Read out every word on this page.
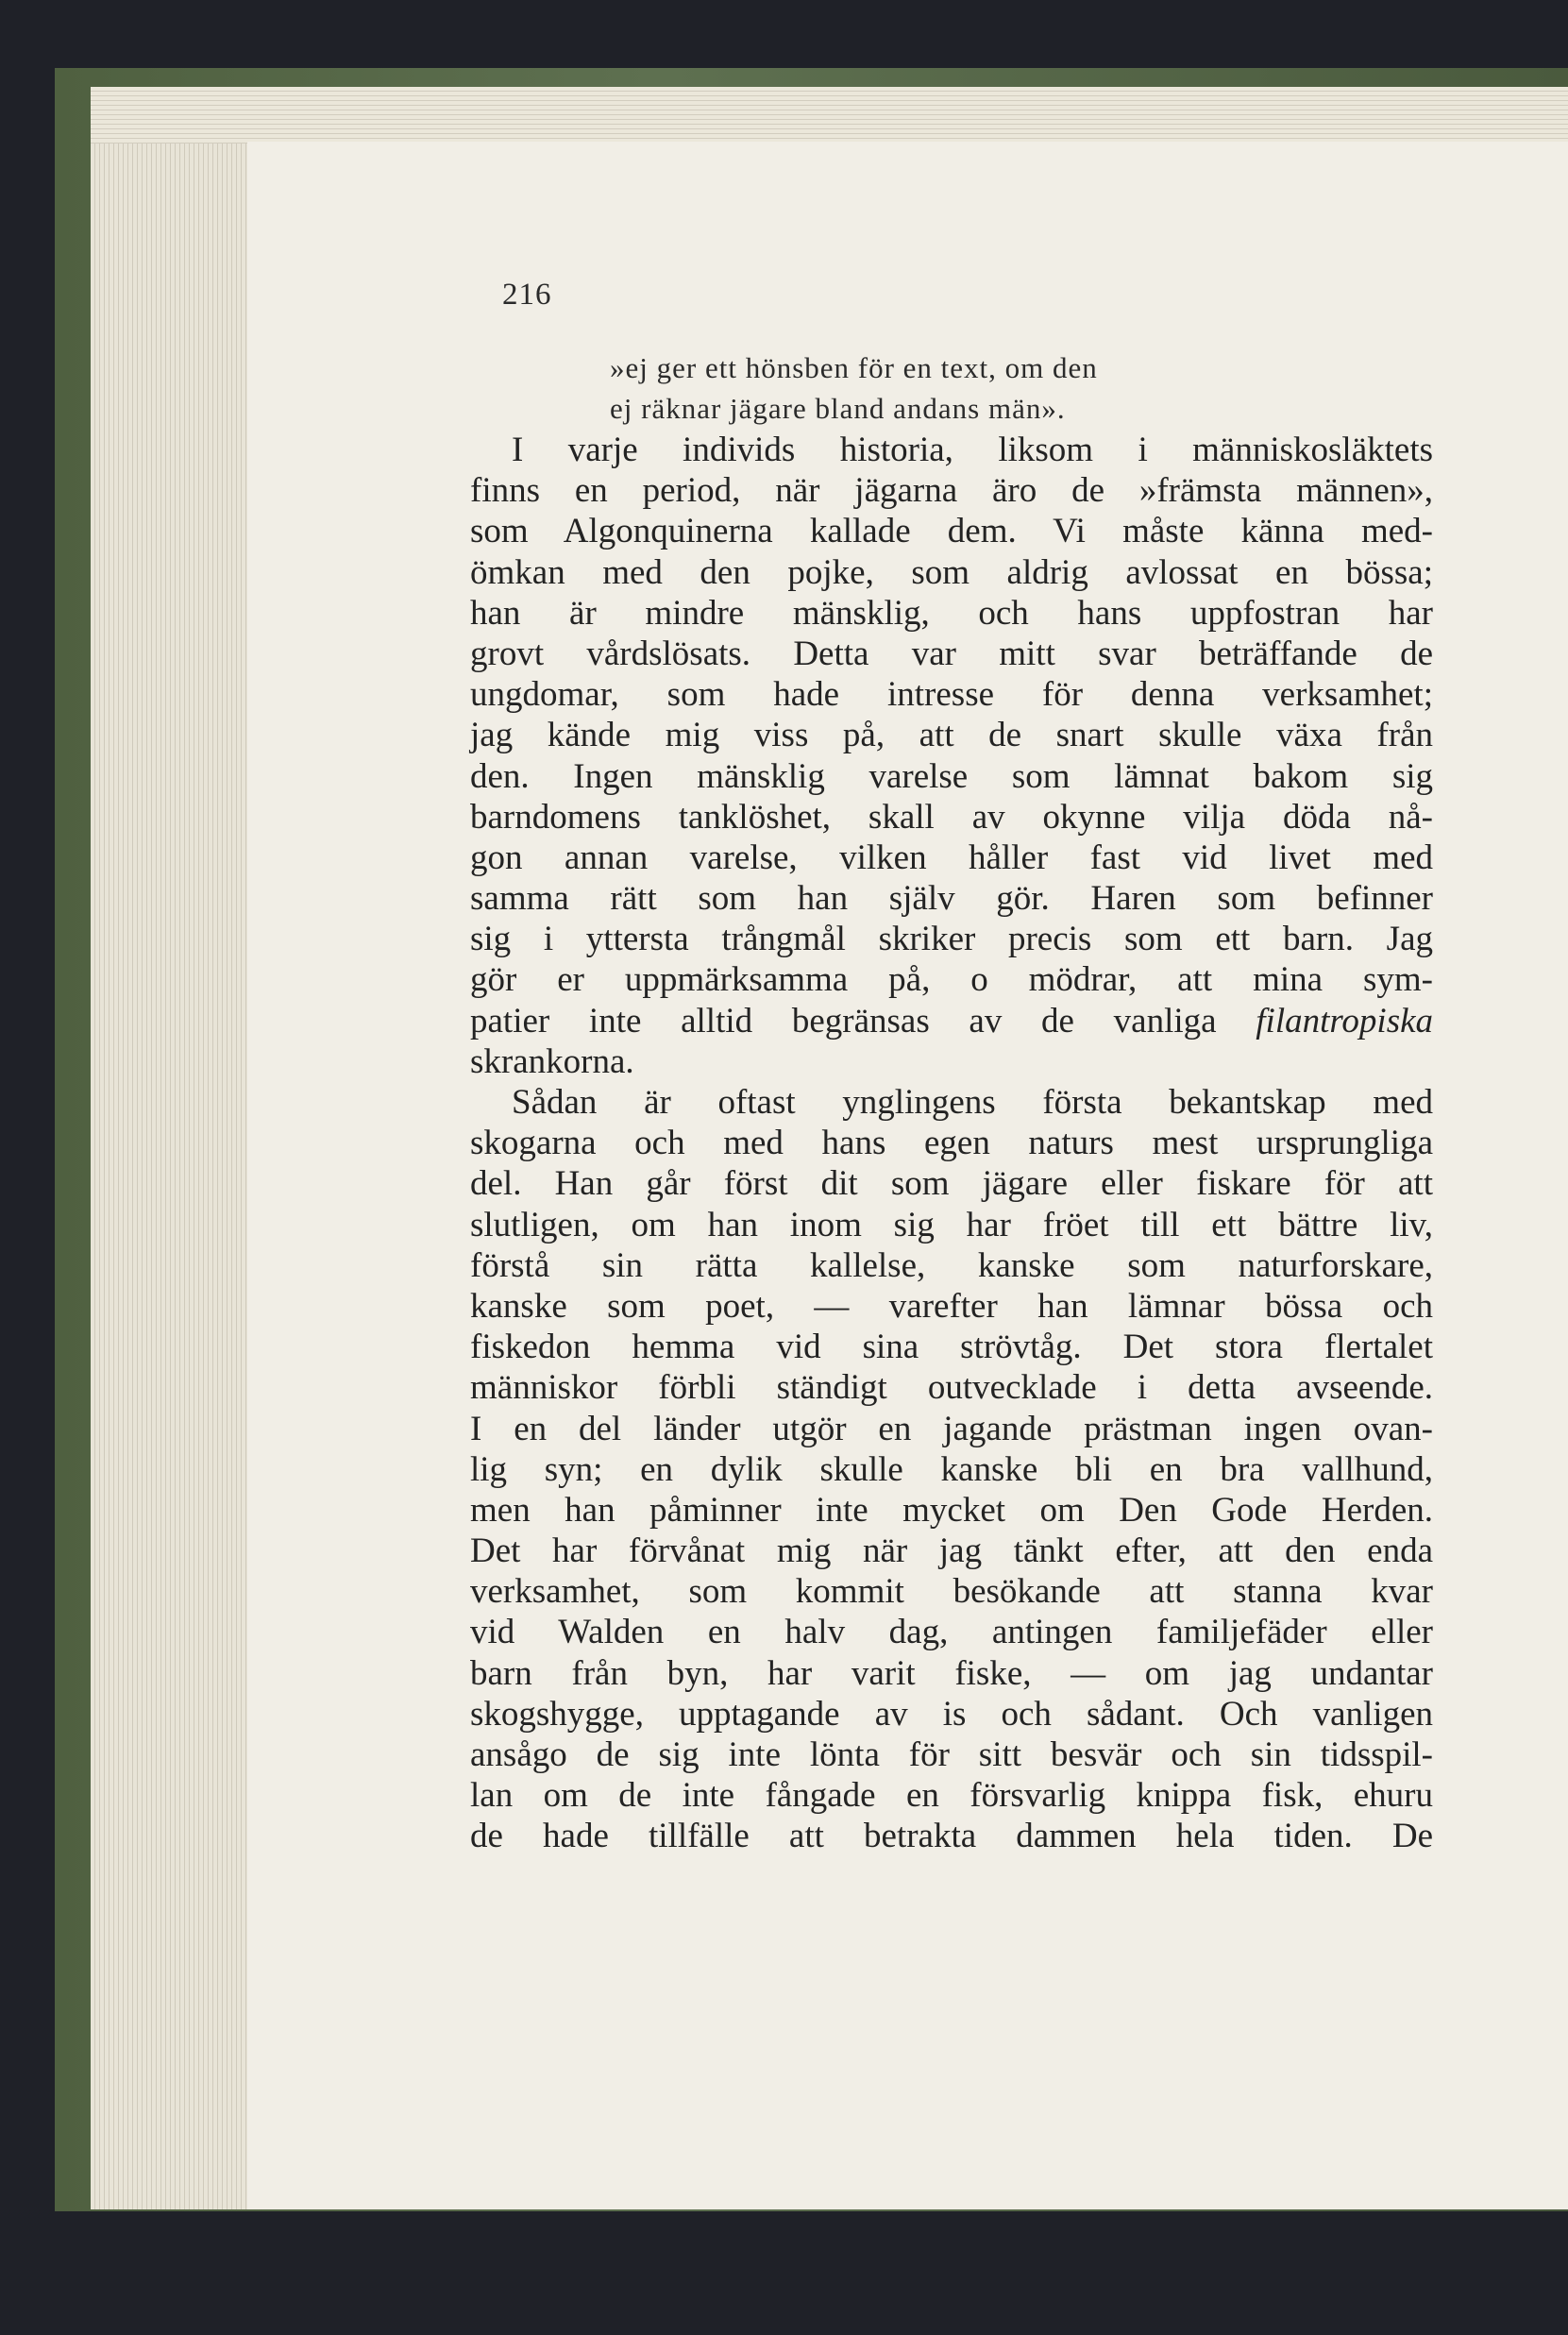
216
»ej ger ett hönsben för en text, om den
ej räknar jägare bland andans män».
I varje individs historia, liksom i människosläktets
finns en period, när jägarna äro de »främsta männen»,
som Algonquinerna kallade dem. Vi måste känna med-
ömkan med den pojke, som aldrig avlossat en bössa;
han är mindre mänsklig, och hans uppfostran har
grovt vårdslösats. Detta var mitt svar beträffande de
ungdomar, som hade intresse för denna verksamhet;
jag kände mig viss på, att de snart skulle växa från
den. Ingen mänsklig varelse som lämnat bakom sig
barndomens tanklöshet, skall av okynne vilja döda nå-
gon annan varelse, vilken håller fast vid livet med
samma rätt som han själv gör. Haren som befinner
sig i yttersta trångmål skriker precis som ett barn. Jag
gör er uppmärksamma på, o mödrar, att mina sym-
patier inte alltid begränsas av de vanliga filantropiska
skrankorna.
Sådan är oftast ynglingens första bekantskap med
skogarna och med hans egen naturs mest ursprungliga
del. Han går först dit som jägare eller fiskare för att
slutligen, om han inom sig har fröet till ett bättre liv,
förstå sin rätta kallelse, kanske som naturforskare,
kanske som poet, — varefter han lämnar bössa och
fiskedon hemma vid sina strövtåg. Det stora flertalet
människor förbli ständigt outvecklade i detta avseende.
I en del länder utgör en jagande prästman ingen ovan-
lig syn; en dylik skulle kanske bli en bra vallhund,
men han påminner inte mycket om Den Gode Herden.
Det har förvånat mig när jag tänkt efter, att den enda
verksamhet, som kommit besökande att stanna kvar
vid Walden en halv dag, antingen familjefäder eller
barn från byn, har varit fiske, — om jag undantar
skogshygge, upptagande av is och sådant. Och vanligen
ansågo de sig inte lönta för sitt besvär och sin tidsspil-
lan om de inte fångade en försvarlig knippa fisk, ehuru
de hade tillfälle att betrakta dammen hela tiden. De
